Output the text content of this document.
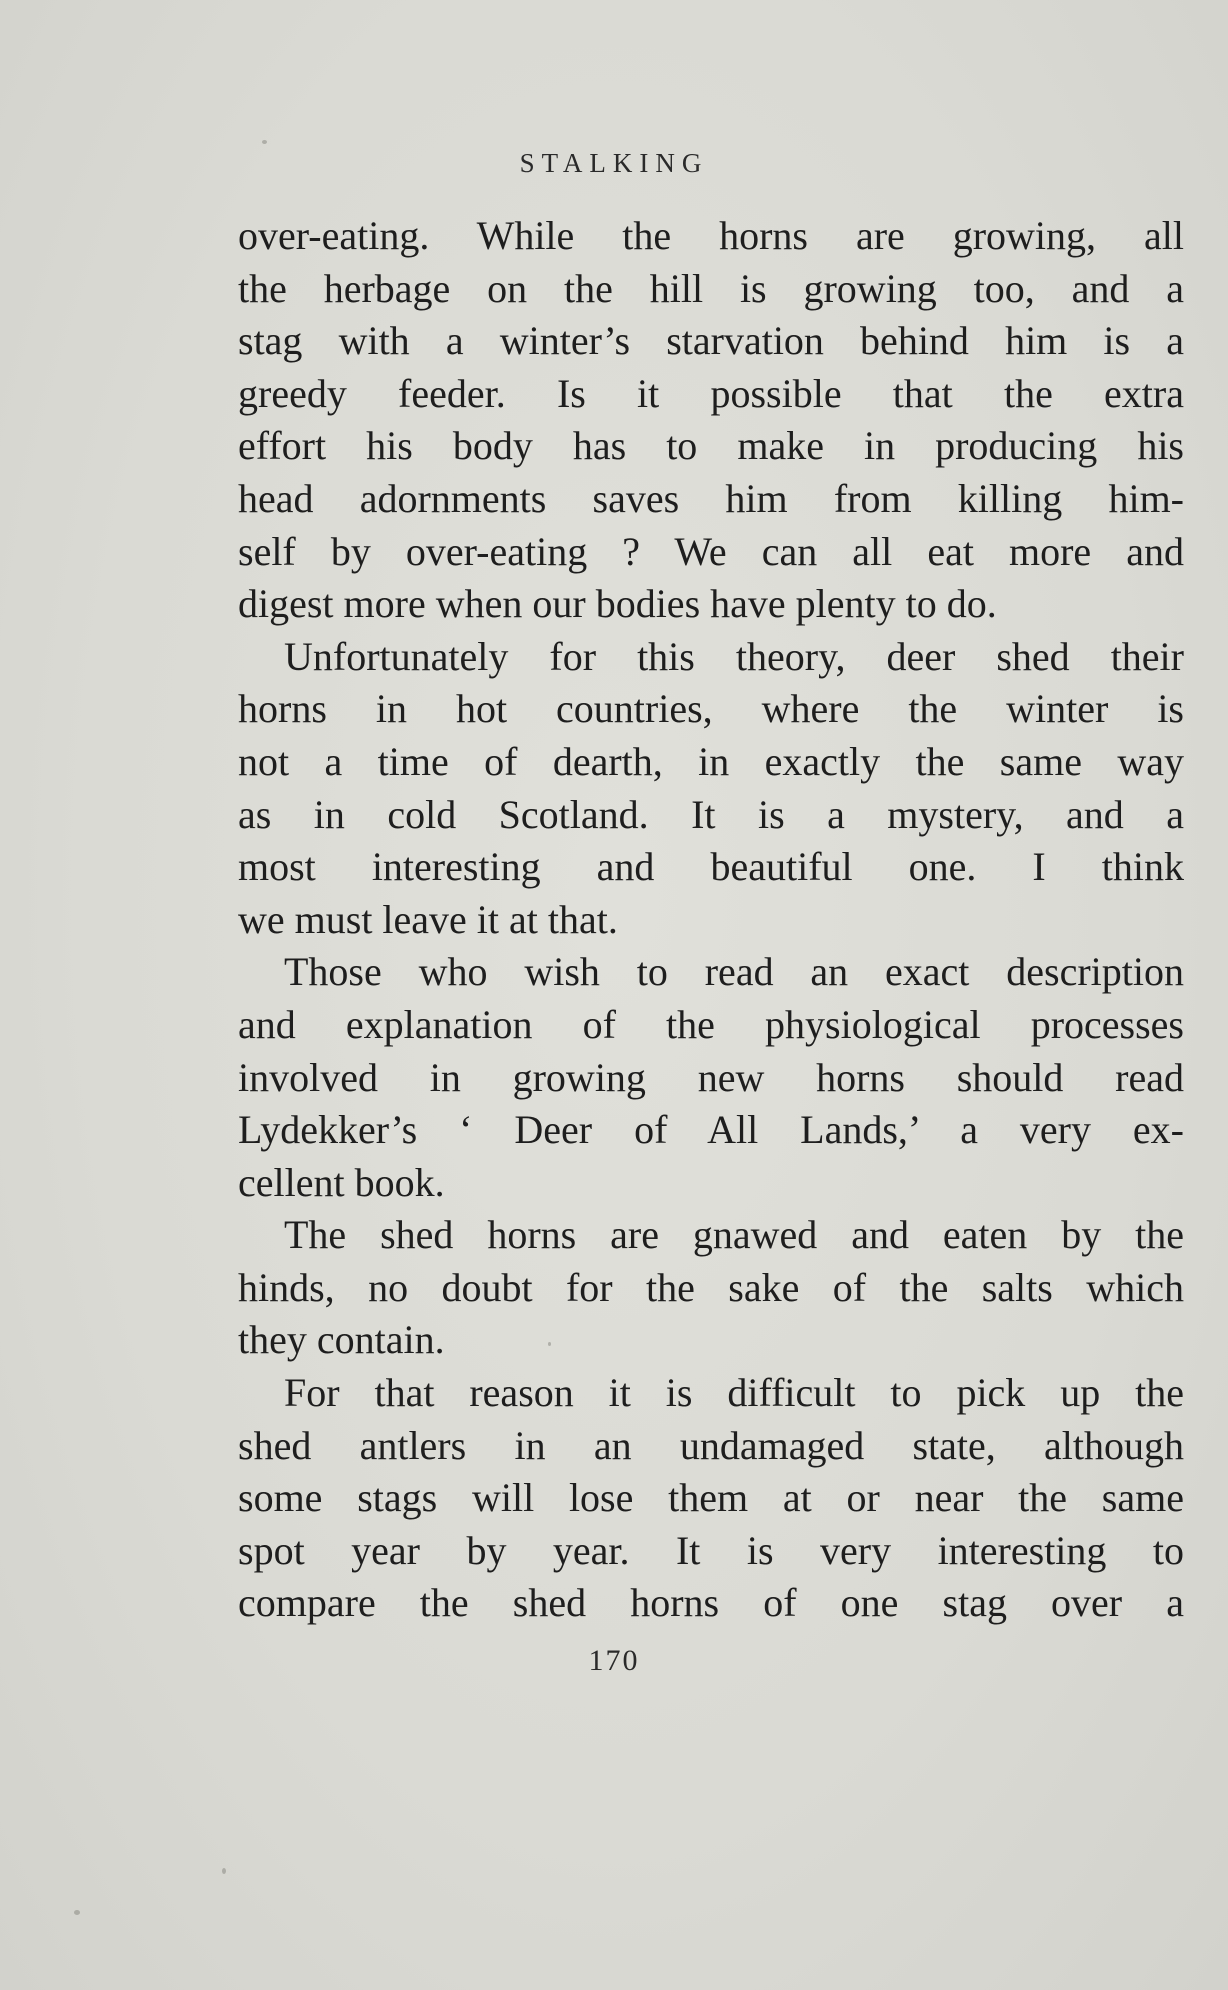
STALKING
over-eating. While the horns are growing, all
the herbage on the hill is growing too, and a
stag with a winter’s starvation behind him is a
greedy feeder. Is it possible that the extra
effort his body has to make in producing his
head adornments saves him from killing him-
self by over-eating ? We can all eat more and
digest more when our bodies have plenty to do.
Unfortunately for this theory, deer shed their
horns in hot countries, where the winter is
not a time of dearth, in exactly the same way
as in cold Scotland. It is a mystery, and a
most interesting and beautiful one. I think
we must leave it at that.
Those who wish to read an exact description
and explanation of the physiological processes
involved in growing new horns should read
Lydekker’s ‘ Deer of All Lands,’ a very ex-
cellent book.
The shed horns are gnawed and eaten by the
hinds, no doubt for the sake of the salts which
they contain.
For that reason it is difficult to pick up the
shed antlers in an undamaged state, although
some stags will lose them at or near the same
spot year by year. It is very interesting to
compare the shed horns of one stag over a
170
